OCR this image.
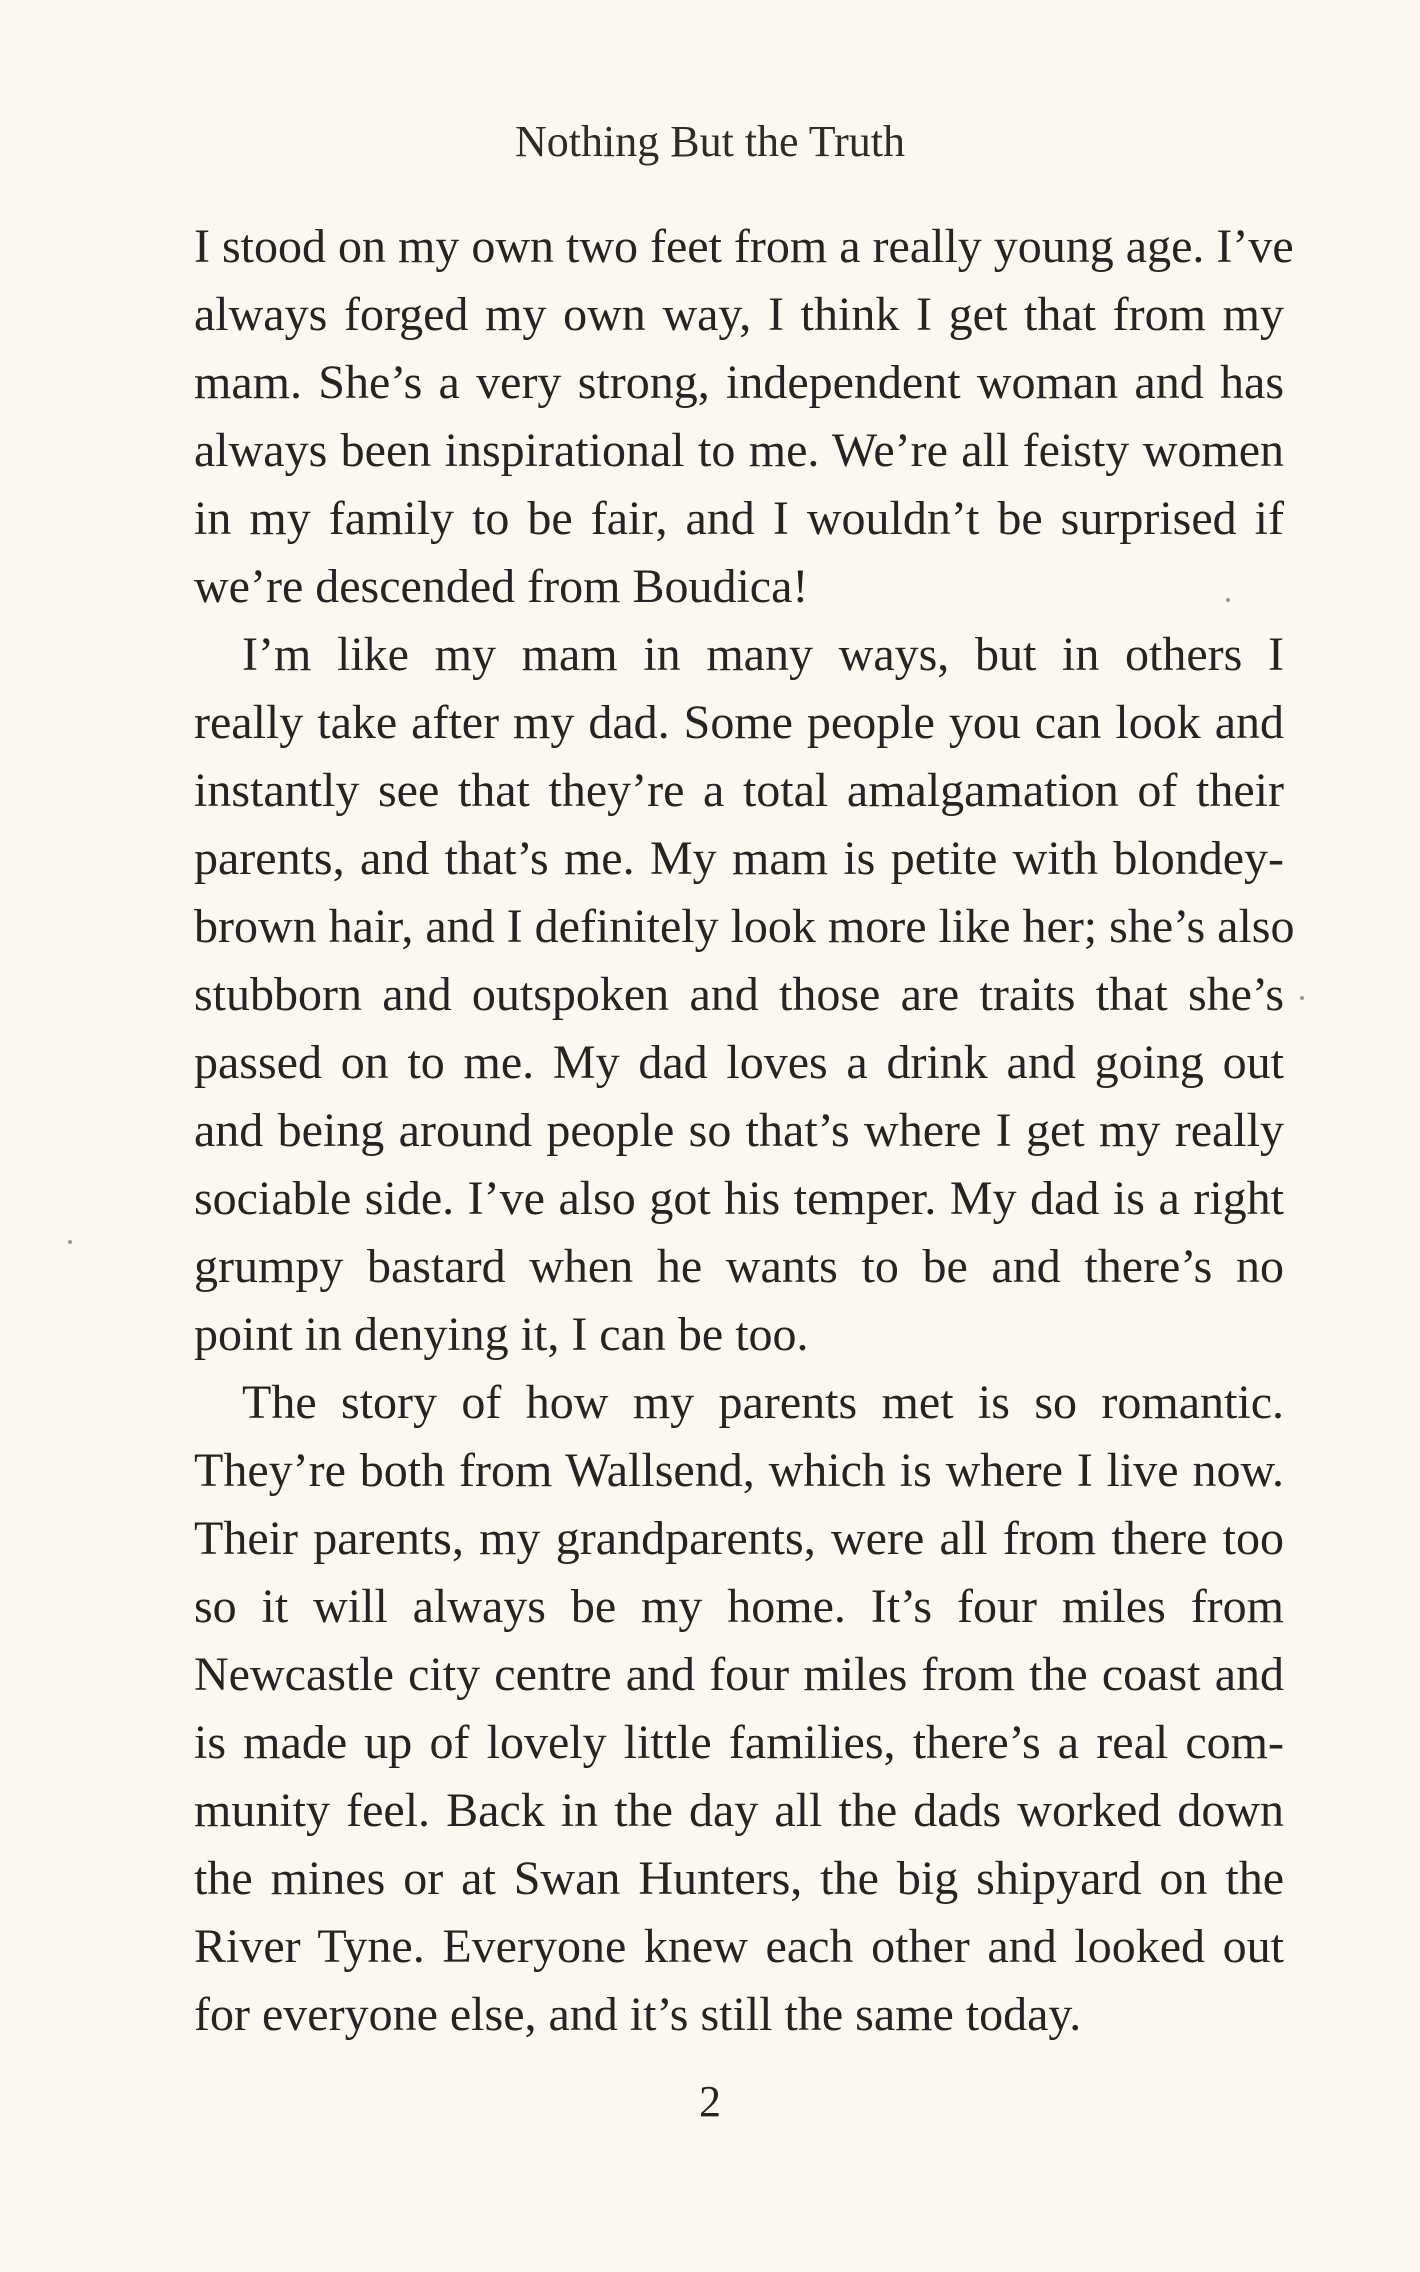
Nothing But the Truth

I stood on my own two feet from a really young age. I’ve
always forged my own way, I think I get that from my
mam. She’s a very strong, independent woman and has
always been inspirational to me. We’re all feisty women
in my family to be fair, and I wouldn’t be surprised if
we’re descended from Boudica!

I’m like my mam in many ways, but in others I
really take after my dad. Some people you can look and
instantly see that they’re a total amalgamation of their
parents, and that’s me. My mam is petite with blondey-
brown hair, and I definitely look more like her; she’s also
stubborn and outspoken and those are traits that she’s
passed on to me. My dad loves a drink and going out
and being around people so that’s where I get my really
sociable side. I’ve also got his temper. My dad is a right
grumpy bastard when he wants to be and there’s no
point in denying it, I can be too.

The story of how my parents met is so romantic.
They’re both from Wallsend, which is where I live now.
Their parents, my grandparents, were all from there too
so it will always be my home. It’s four miles from
Newcastle city centre and four miles from the coast and
is made up of lovely little families, there’s a real com-
munity feel. Back in the day all the dads worked down
the mines or at Swan Hunters, the big shipyard on the
River Tyne. Everyone knew each other and looked out
for everyone else, and it’s still the same today.

2
